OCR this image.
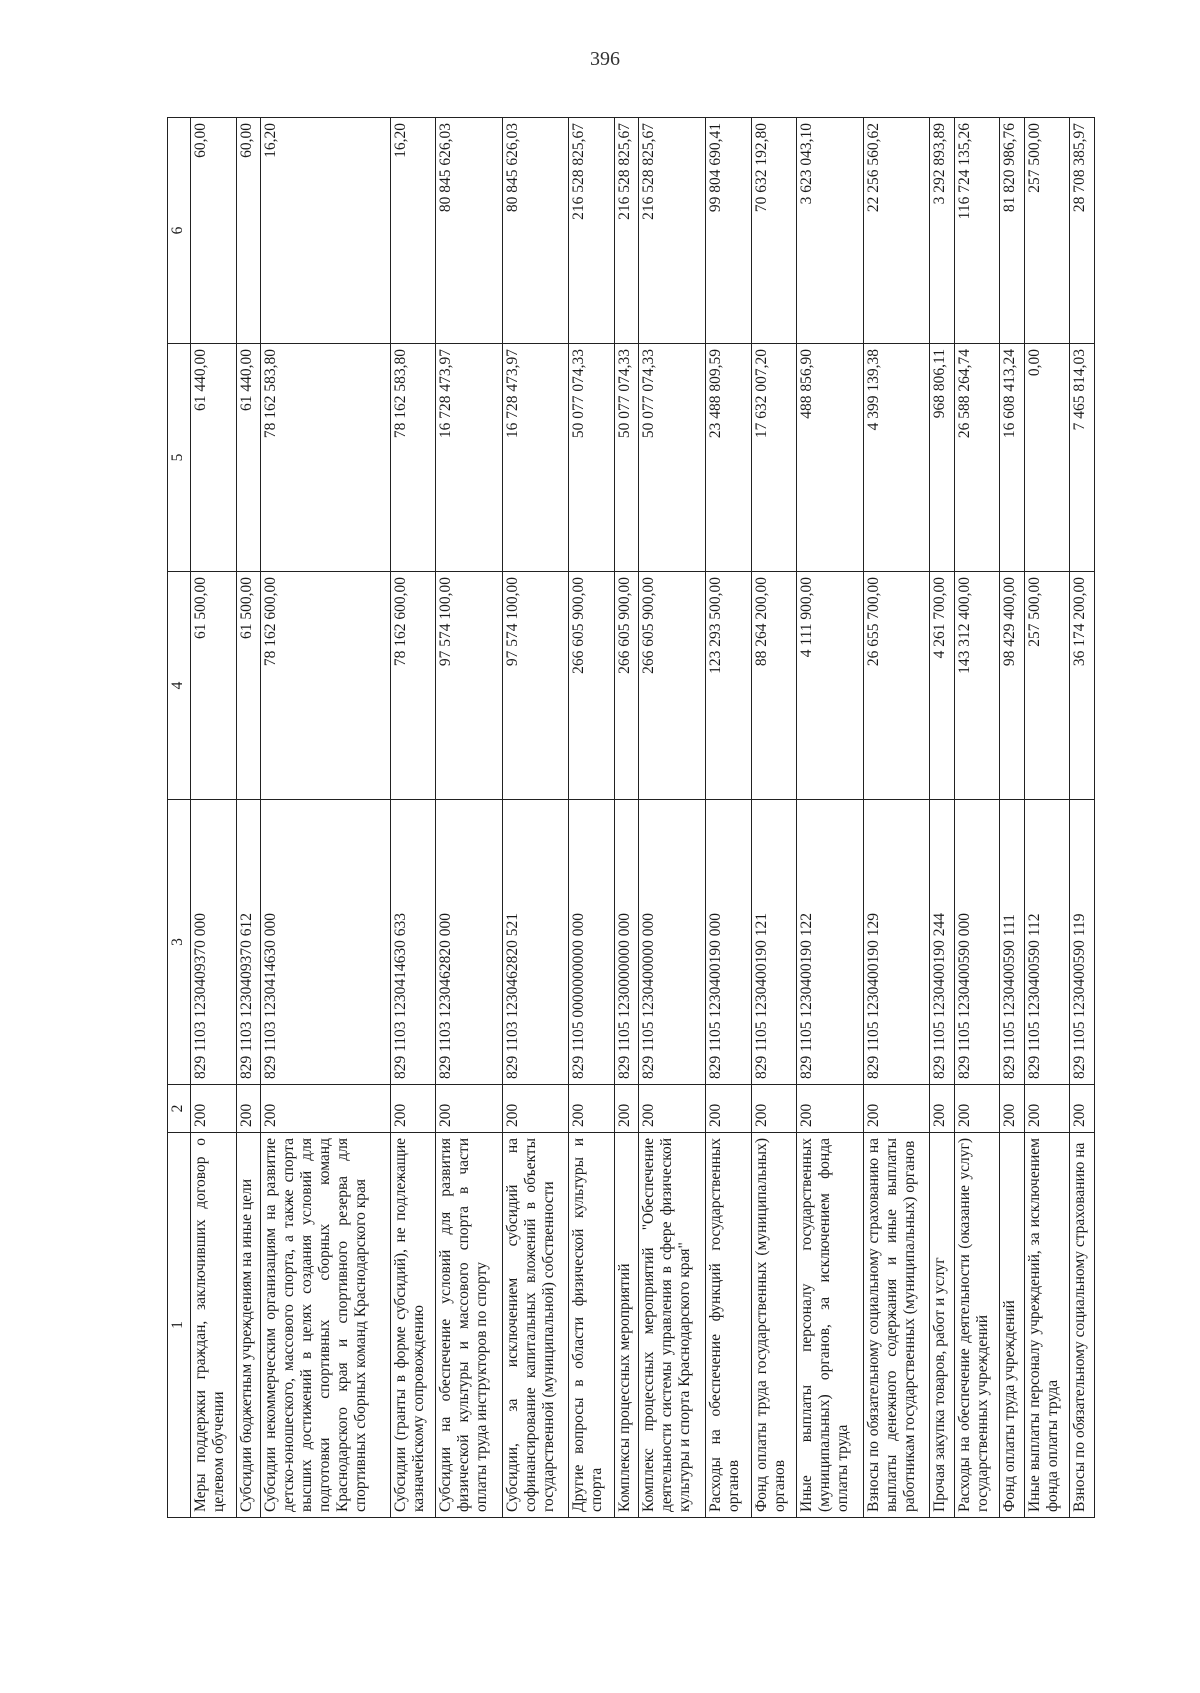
396
1	2	3	4	5	6
Меры поддержки граждан, заключивших договор о целевом обучении	200	829 1103 1230409370 000	61 500,00	61 440,00	60,00
Субсидии бюджетным учреждениям на иные цели	200	829 1103 1230409370 612	61 500,00	61 440,00	60,00
Субсидии некоммерческим организациям на развитие детско-юношеского, массового спорта, а также спорта высших достижений в целях создания условий для подготовки спортивных сборных команд Краснодарского края и спортивного резерва для спортивных сборных команд Краснодарского края	200	829 1103 1230414630 000	78 162 600,00	78 162 583,80	16,20
Субсидии (гранты в форме субсидий), не подлежащие казначейскому сопровождению	200	829 1103 1230414630 633	78 162 600,00	78 162 583,80	16,20
Субсидии на обеспечение условий для развития физической культуры и массового спорта в части оплаты труда инструкторов по спорту	200	829 1103 1230462820 000	97 574 100,00	16 728 473,97	80 845 626,03
Субсидии, за исключением субсидий на софинансирование капитальных вложений в объекты государственной (муниципальной) собственности	200	829 1103 1230462820 521	97 574 100,00	16 728 473,97	80 845 626,03
Другие вопросы в области физической культуры и спорта	200	829 1105 0000000000 000	266 605 900,00	50 077 074,33	216 528 825,67
Комплексы процессных мероприятий	200	829 1105 1230000000 000	266 605 900,00	50 077 074,33	216 528 825,67
Комплекс процессных мероприятий "Обеспечение деятельности системы управления в сфере физической культуры и спорта Краснодарского края"	200	829 1105 1230400000 000	266 605 900,00	50 077 074,33	216 528 825,67
Расходы на обеспечение функций государственных органов	200	829 1105 1230400190 000	123 293 500,00	23 488 809,59	99 804 690,41
Фонд оплаты труда государственных (муниципальных) органов	200	829 1105 1230400190 121	88 264 200,00	17 632 007,20	70 632 192,80
Иные выплаты персоналу государственных (муниципальных) органов, за исключением фонда оплаты труда	200	829 1105 1230400190 122	4 111 900,00	488 856,90	3 623 043,10
Взносы по обязательному социальному страхованию на выплаты денежного содержания и иные выплаты работникам государственных (муниципальных) органов	200	829 1105 1230400190 129	26 655 700,00	4 399 139,38	22 256 560,62
Прочая закупка товаров, работ и услуг	200	829 1105 1230400190 244	4 261 700,00	968 806,11	3 292 893,89
Расходы на обеспечение деятельности (оказание услуг) государственных учреждений	200	829 1105 1230400590 000	143 312 400,00	26 588 264,74	116 724 135,26
Фонд оплаты труда учреждений	200	829 1105 1230400590 111	98 429 400,00	16 608 413,24	81 820 986,76
Иные выплаты персоналу учреждений, за исключением фонда оплаты труда	200	829 1105 1230400590 112	257 500,00	0,00	257 500,00
Взносы по обязательному социальному страхованию на	200	829 1105 1230400590 119	36 174 200,00	7 465 814,03	28 708 385,97
